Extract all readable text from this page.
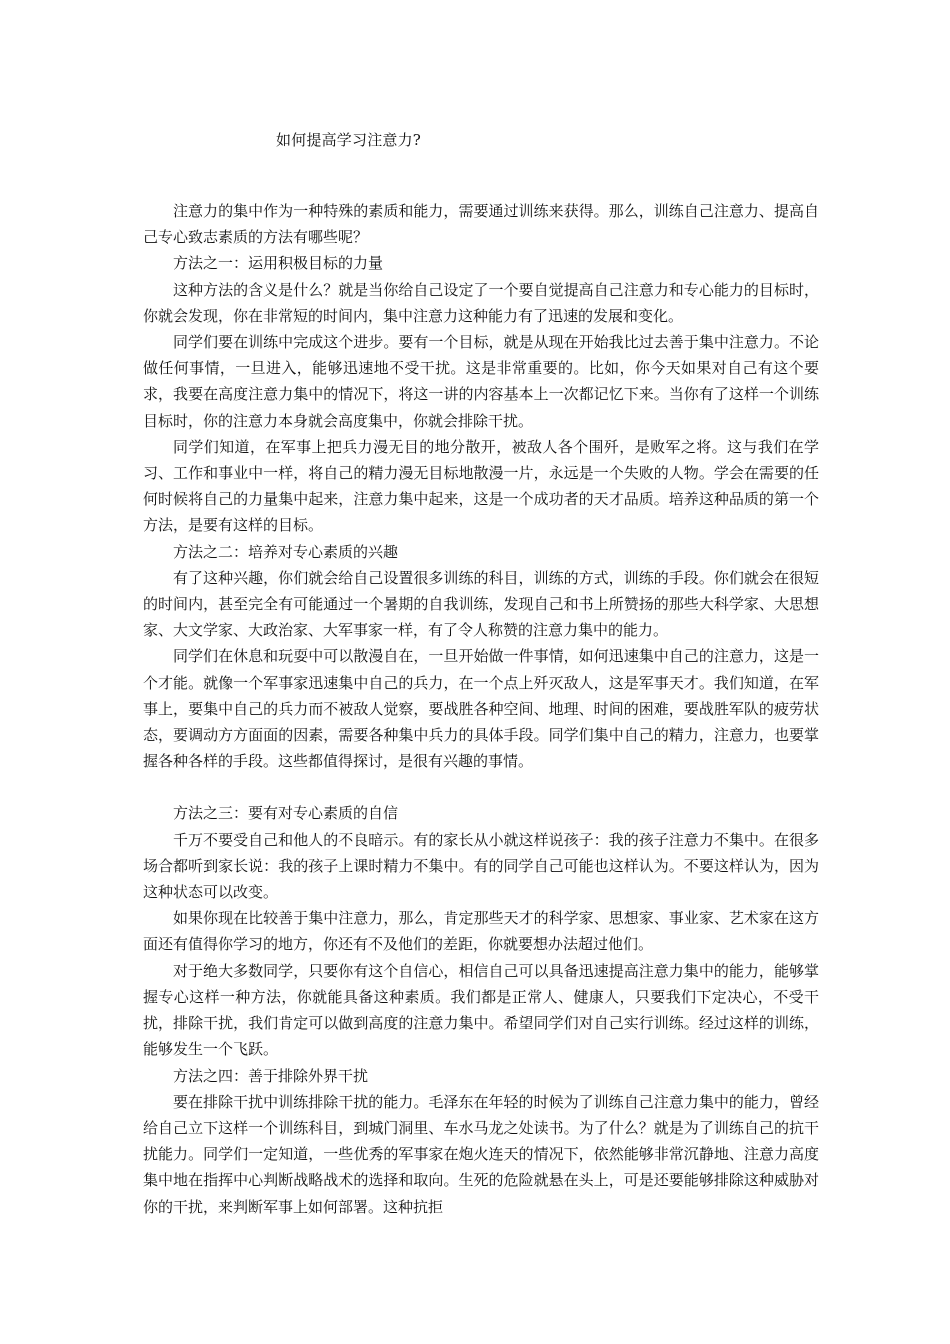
如何提高学习注意力?

注意力的集中作为一种特殊的素质和能力，需要通过训练来获得。那么，训练自己注意力、提高自己专心致志素质的方法有哪些呢？

方法之一：运用积极目标的力量

这种方法的含义是什么？就是当你给自己设定了一个要自觉提高自己注意力和专心能力的目标时，你就会发现，你在非常短的时间内，集中注意力这种能力有了迅速的发展和变化。

同学们要在训练中完成这个进步。要有一个目标，就是从现在开始我比过去善于集中注意力。不论做任何事情，一旦进入，能够迅速地不受干扰。这是非常重要的。比如，你今天如果对自己有这个要求，我要在高度注意力集中的情况下，将这一讲的内容基本上一次都记忆下来。当你有了这样一个训练目标时，你的注意力本身就会高度集中，你就会排除干扰。

同学们知道，在军事上把兵力漫无目的地分散开，被敌人各个围歼，是败军之将。这与我们在学习、工作和事业中一样，将自己的精力漫无目标地散漫一片，永远是一个失败的人物。学会在需要的任何时候将自己的力量集中起来，注意力集中起来，这是一个成功者的天才品质。培养这种品质的第一个方法，是要有这样的目标。

方法之二：培养对专心素质的兴趣

有了这种兴趣，你们就会给自己设置很多训练的科目，训练的方式，训练的手段。你们就会在很短的时间内，甚至完全有可能通过一个暑期的自我训练，发现自己和书上所赞扬的那些大科学家、大思想家、大文学家、大政治家、大军事家一样，有了令人称赞的注意力集中的能力。

同学们在休息和玩耍中可以散漫自在，一旦开始做一件事情，如何迅速集中自己的注意力，这是一个才能。就像一个军事家迅速集中自己的兵力，在一个点上歼灭敌人，这是军事天才。我们知道，在军事上，要集中自己的兵力而不被敌人觉察，要战胜各种空间、地理、时间的困难，要战胜军队的疲劳状态，要调动方方面面的因素，需要各种集中兵力的具体手段。同学们集中自己的精力，注意力，也要掌握各种各样的手段。这些都值得探讨，是很有兴趣的事情。

方法之三：要有对专心素质的自信

千万不要受自己和他人的不良暗示。有的家长从小就这样说孩子：我的孩子注意力不集中。在很多场合都听到家长说：我的孩子上课时精力不集中。有的同学自己可能也这样认为。不要这样认为，因为这种状态可以改变。

如果你现在比较善于集中注意力，那么，肯定那些天才的科学家、思想家、事业家、艺术家在这方面还有值得你学习的地方，你还有不及他们的差距，你就要想办法超过他们。

对于绝大多数同学，只要你有这个自信心，相信自己可以具备迅速提高注意力集中的能力，能够掌握专心这样一种方法，你就能具备这种素质。我们都是正常人、健康人，只要我们下定决心，不受干扰，排除干扰，我们肯定可以做到高度的注意力集中。希望同学们对自己实行训练。经过这样的训练，能够发生一个飞跃。

方法之四：善于排除外界干扰

要在排除干扰中训练排除干扰的能力。毛泽东在年轻的时候为了训练自己注意力集中的能力，曾经给自己立下这样一个训练科目，到城门洞里、车水马龙之处读书。为了什么？就是为了训练自己的抗干扰能力。同学们一定知道，一些优秀的军事家在炮火连天的情况下，依然能够非常沉静地、注意力高度集中地在指挥中心判断战略战术的选择和取向。生死的危险就悬在头上，可是还要能够排除这种威胁对你的干扰，来判断军事上如何部署。这种抗拒
